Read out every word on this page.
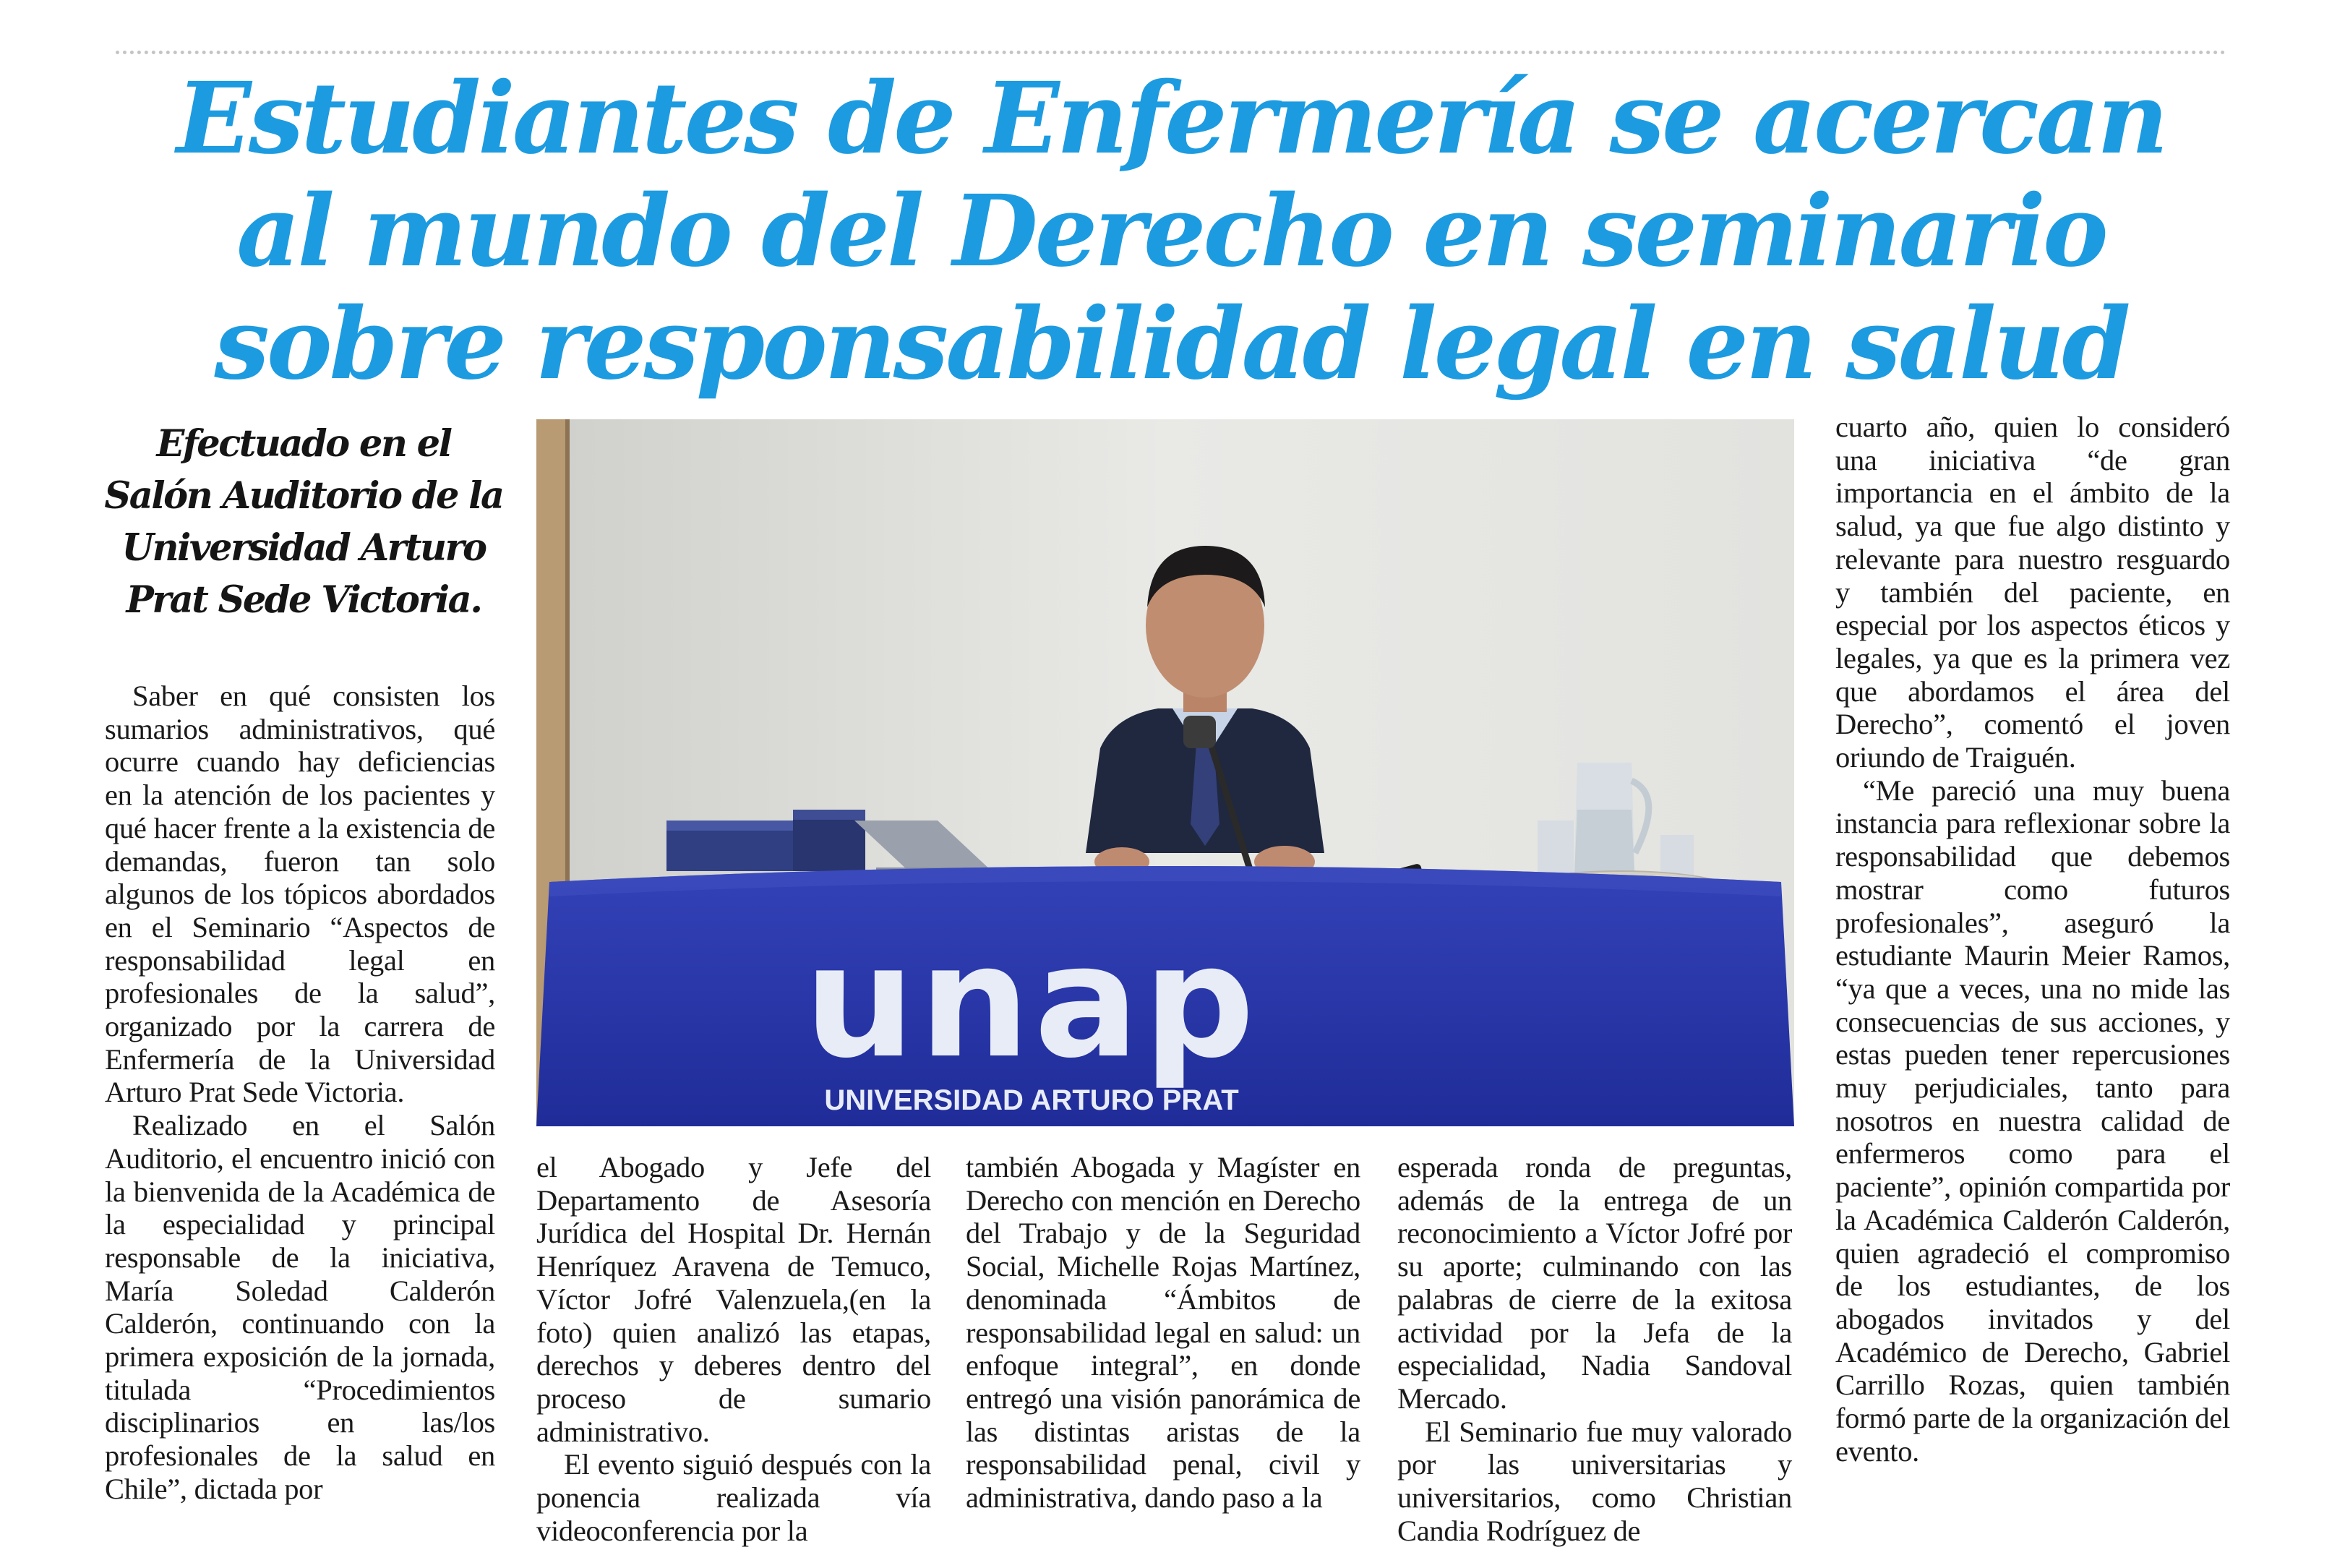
Estudiantes de Enfermería se acercan al mundo del Derecho en seminario sobre responsabilidad legal en salud
Efectuado en el Salón Auditorio de la Universidad Arturo Prat Sede Victoria.

Saber en qué consisten los sumarios administrativos, qué ocurre cuando hay deficiencias en la atención de los pacientes y qué hacer frente a la existencia de demandas, fueron tan solo algunos de los tópicos abordados en el Seminario “Aspectos de responsabilidad legal en profesionales de la salud”, organizado por la carrera de Enfermería de la Universidad Arturo Prat Sede Victoria.

Realizado en el Salón Auditorio, el encuentro inició con la bienvenida de la Académica de la especialidad y principal responsable de la iniciativa, María Soledad Calderón Calderón, continuando con la primera exposición de la jornada, titulada “Procedimientos disciplinarios en las/los profesionales de la salud en Chile”, dictada por

unap
UNIVERSIDAD ARTURO PRAT

el Abogado y Jefe del Departamento de Asesoría Jurídica del Hospital Dr. Hernán Henríquez Aravena de Temuco, Víctor Jofré Valenzuela,(en la foto) quien analizó las etapas, derechos y deberes dentro del proceso de sumario administrativo.

El evento siguió después con la ponencia realizada vía videoconferencia por la

también Abogada y Magíster en Derecho con mención en Derecho del Trabajo y de la Seguridad Social, Michelle Rojas Martínez, denominada “Ámbitos de responsabilidad legal en salud: un enfoque integral”, en donde entregó una visión panorámica de las distintas aristas de la responsabilidad penal, civil y administrativa, dando paso a la

esperada ronda de preguntas, además de la entrega de un reconocimiento a Víctor Jofré por su aporte; culminando con las palabras de cierre de la exitosa actividad por la Jefa de la especialidad, Nadia Sandoval Mercado.

El Seminario fue muy valorado por las universitarias y universitarios, como Christian Candia Rodríguez de

cuarto año, quien lo consideró una iniciativa “de gran importancia en el ámbito de la salud, ya que fue algo distinto y relevante para nuestro resguardo y también del paciente, en especial por los aspectos éticos y legales, ya que es la primera vez que abordamos el área del Derecho”, comentó el joven oriundo de Traiguén.

“Me pareció una muy buena instancia para reflexionar sobre la responsabilidad que debemos mostrar como futuros profesionales”, aseguró la estudiante Maurin Meier Ramos, “ya que a veces, una no mide las consecuencias de sus acciones, y estas pueden tener repercusiones muy perjudiciales, tanto para nosotros en nuestra calidad de enfermeros como para el paciente”, opinión compartida por la Académica Calderón Calderón, quien agradeció el compromiso de los estudiantes, de los abogados invitados y del Académico de Derecho, Gabriel Carrillo Rozas, quien también formó parte de la organización del evento.
